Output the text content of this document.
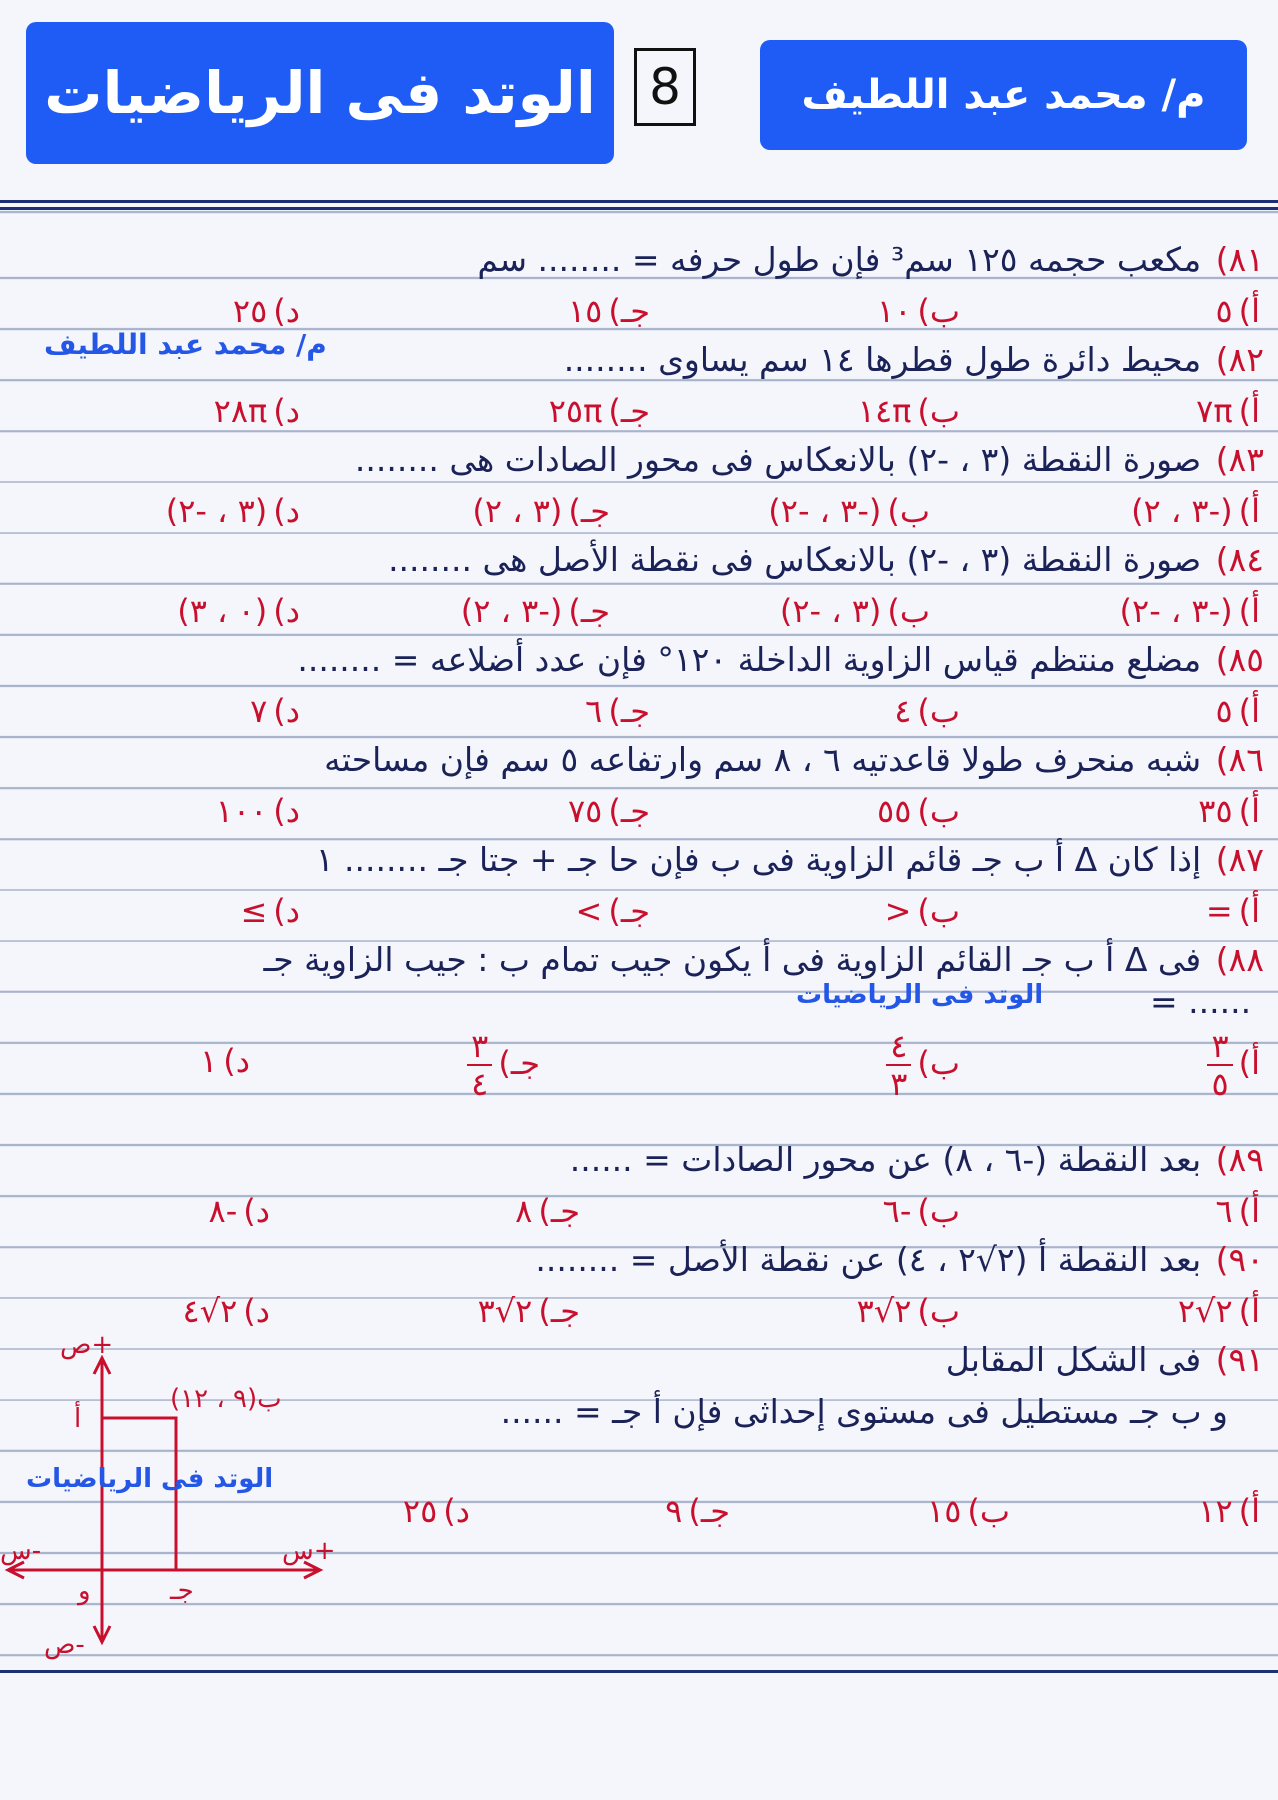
الوتد فى الرياضيات 8	م/ محمد عبد اللطيف
٨١) مكعب حجمه ١٢٥ سم³ فإن طول حرفه = ........ سم
أ)٥
ب)١٠
جـ)١٥
د)٢٥
م/ محمد عبد اللطيف	٨٢) محيط دائرة طول قطرها ١٤ سم يساوى ........
أ)٧π
ب)١٤π
جـ)٢٥π
د)٢٨π
٨٣) صورة النقطة (٣ ، -٢) بالانعكاس فى محور الصادات هى ........
أ)(-٣ ، ٢)
ب)(-٣ ، -٢)
جـ)(٣ ، ٢)
د)(٣ ، -٢)
٨٤) صورة النقطة (٣ ، -٢) بالانعكاس فى نقطة الأصل هى ........
أ)(-٣ ، -٢)
ب)(٣ ، -٢)
جـ)(-٣ ، ٢)
د)(٠ ، ٣)
٨٥) مضلع منتظم قياس الزاوية الداخلة ١٢٠° فإن عدد أضلاعه = ........
أ)٥
ب)٤
جـ)٦
د)٧
٨٦) شبه منحرف طولا قاعدتيه ٦ ، ٨ سم وارتفاعه ٥ سم فإن مساحته
أ)٣٥
ب)٥٥
جـ)٧٥
د)١٠٠
٨٧) إذا كان Δ أ ب جـ قائم الزاوية فى ب فإن حا جـ + جتا جـ ........ ١
أ)=
ب)<
جـ)>
د)≥
٨٨) فى Δ أ ب جـ القائم الزاوية فى أ يكون جيب تمام ب : جيب الزاوية جـ
الوتد فى الرياضيات	= ......
أ)
$\frac{٣}{٥}$
ب)
$\frac{٤}{٣}$
جـ)
$\frac{٣}{٤}$
د)١
٨٩) بعد النقطة (-٦ ، ٨) عن محور الصادات = ......
أ)٦
ب)-٦
جـ)٨
د)-٨
٩٠) بعد النقطة أ (٢√٢ ، ٤) عن نقطة الأصل = ........
أ)٢√٢
ب)٢√٣
جـ)٢√٣
د)٢√٤
٩١) فى الشكل المقابل
و ب جـ مستطيل فى مستوى إحداثى فإن أ جـ = ......
أ)١٢
ب)١٥
جـ)٩
د)٢٥
+ص
-ص
+س
-س
و
أ
ب(٩ ، ١٢)
جـ
الوتد فى الرياضيات
